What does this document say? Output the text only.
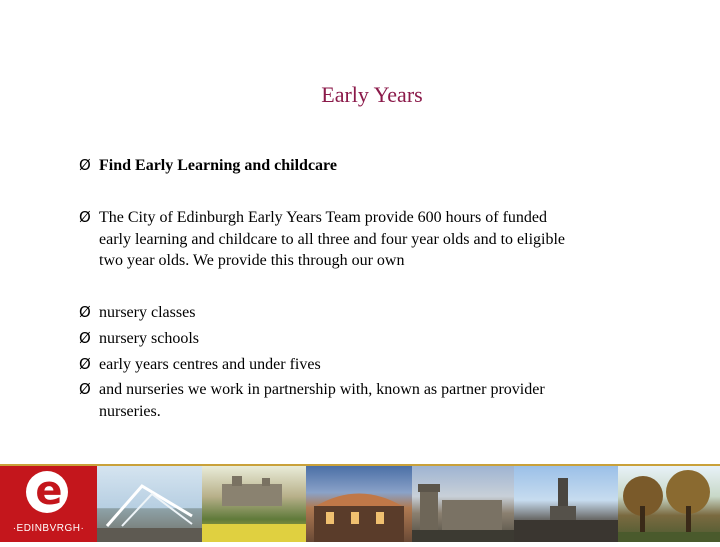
Early Years
Ø Find Early Learning and childcare
Ø The City of Edinburgh Early Years Team provide 600 hours of funded
early learning and childcare to all three and four year olds and to eligible
two year olds. We provide this through our own
Ø nursery classes
Ø nursery schools
Ø early years centres and under fives
Ø and nurseries we work in partnership with, known as partner provider
nurseries.
e
·EDINBVRGH·
